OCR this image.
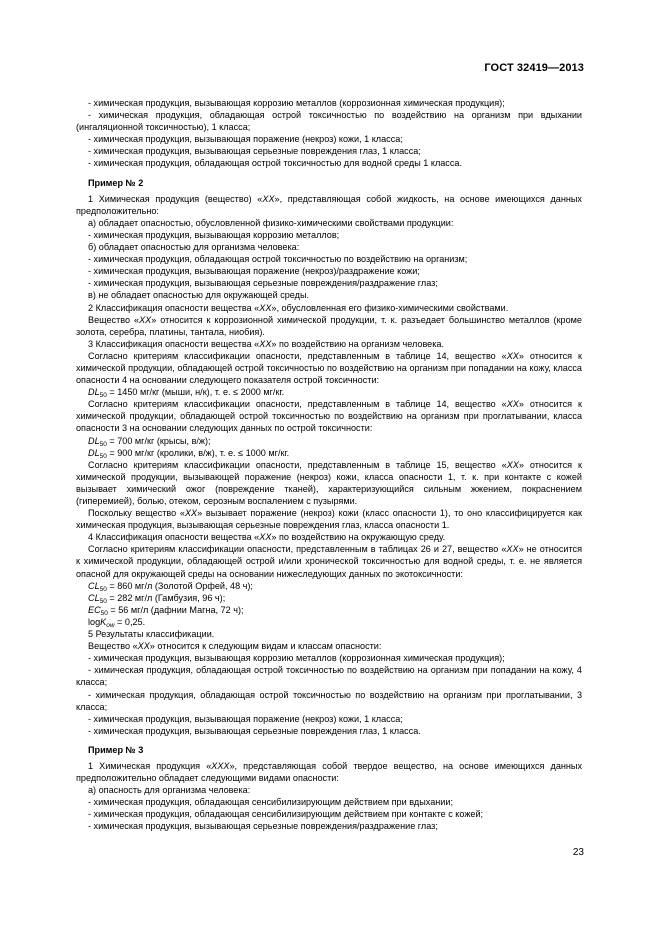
ГОСТ 32419—2013

- химическая продукция, вызывающая коррозию металлов (коррозионная химическая продукция);

- химическая продукция, обладающая острой токсичностью по воздействию на организм при вдыхании (ингаляционной токсичностью), 1 класса;

- химическая продукция, вызывающая поражение (некроз) кожи, 1 класса;

- химическая продукция, вызывающая серьезные повреждения глаз, 1 класса;

- химическая продукция, обладающая острой токсичностью для водной среды 1 класса.

Пример № 2

1 Химическая продукция (вещество) «XX», представляющая собой жидкость, на основе имеющихся данных предположительно:

а) обладает опасностью, обусловленной физико-химическими свойствами продукции:

- химическая продукция, вызывающая коррозию металлов;

б) обладает опасностью для организма человека:

- химическая продукция, обладающая острой токсичностью по воздействию на организм;

- химическая продукция, вызывающая поражение (некроз)/раздражение кожи;

- химическая продукция, вызывающая серьезные повреждения/раздражение глаз;

в) не обладает опасностью для окружающей среды.

2 Классификация опасности вещества «XX», обусловленная его физико-химическими свойствами.

Вещество «XX» относится к коррозионной химической продукции, т. к. разъедает большинство металлов (кроме золота, серебра, платины, тантала, ниобия).

3 Классификация опасности вещества «XX» по воздействию на организм человека.

Согласно критериям классификации опасности, представленным в таблице 14, вещество «XX» относится к химической продукции, обладающей острой токсичностью по воздействию на организм при попадании на кожу, класса опасности 4 на основании следующего показателя острой токсичности:

$DL_{50} = 1450$ мг/кг (мыши, н/к), т. е. ≤ 2000 мг/кг.

Согласно критериям классификации опасности, представленным в таблице 14, вещество «XX» относится к химической продукции, обладающей острой токсичностью по воздействию на организм при проглатывании, класса опасности 3 на основании следующих данных по острой токсичности:

$DL_{50} = 700$ мг/кг (крысы, в/ж);

$DL_{50} = 900$ мг/кг (кролики, в/ж), т. е. ≤ 1000 мг/кг.

Согласно критериям классификации опасности, представленным в таблице 15, вещество «XX» относится к химической продукции, вызывающей поражение (некроз) кожи, класса опасности 1, т. к. при контакте с кожей вызывает химический ожог (повреждение тканей), характеризующийся сильным жжением, покраснением (гиперемией), болью, отеком, серозным воспалением с пузырями.

Поскольку вещество «XX» вызывает поражение (некроз) кожи (класс опасности 1), то оно классифицируется как химическая продукция, вызывающая серьезные повреждения глаз, класса опасности 1.

4 Классификация опасности вещества «XX» по воздействию на окружающую среду.

Согласно критериям классификации опасности, представленным в таблицах 26 и 27, вещество «XX» не относится к химической продукции, обладающей острой и/или хронической токсичностью для водной среды, т. е. не является опасной для окружающей среды на основании нижеследующих данных по экотоксичности:

$CL_{50} = 860$ мг/л (Золотой Орфей, 48 ч);

$CL_{50} = 282$ мг/л (Гамбузия, 96 ч);

$EC_{50} = 56$ мг/л (дафнии Магна, 72 ч);

logK$_{ow}$ = 0,25.

5 Результаты классификации.

Вещество «XX» относится к следующим видам и классам опасности:

- химическая продукция, вызывающая коррозию металлов (коррозионная химическая продукция);

- химическая продукция, обладающая острой токсичностью по воздействию на организм при попадании на кожу, 4 класса;

- химическая продукция, обладающая острой токсичностью по воздействию на организм при проглатывании, 3 класса;

- химическая продукция, вызывающая поражение (некроз) кожи, 1 класса;

- химическая продукция, вызывающая серьезные повреждения глаз, 1 класса.

Пример № 3

1 Химическая продукция «XXX», представляющая собой твердое вещество, на основе имеющихся данных предположительно обладает следующими видами опасности:

а) опасность для организма человека:

- химическая продукция, обладающая сенсибилизирующим действием при вдыхании;

- химическая продукция, обладающая сенсибилизирующим действием при контакте с кожей;

- химическая продукция, вызывающая серьезные повреждения/раздражение глаз;

23
